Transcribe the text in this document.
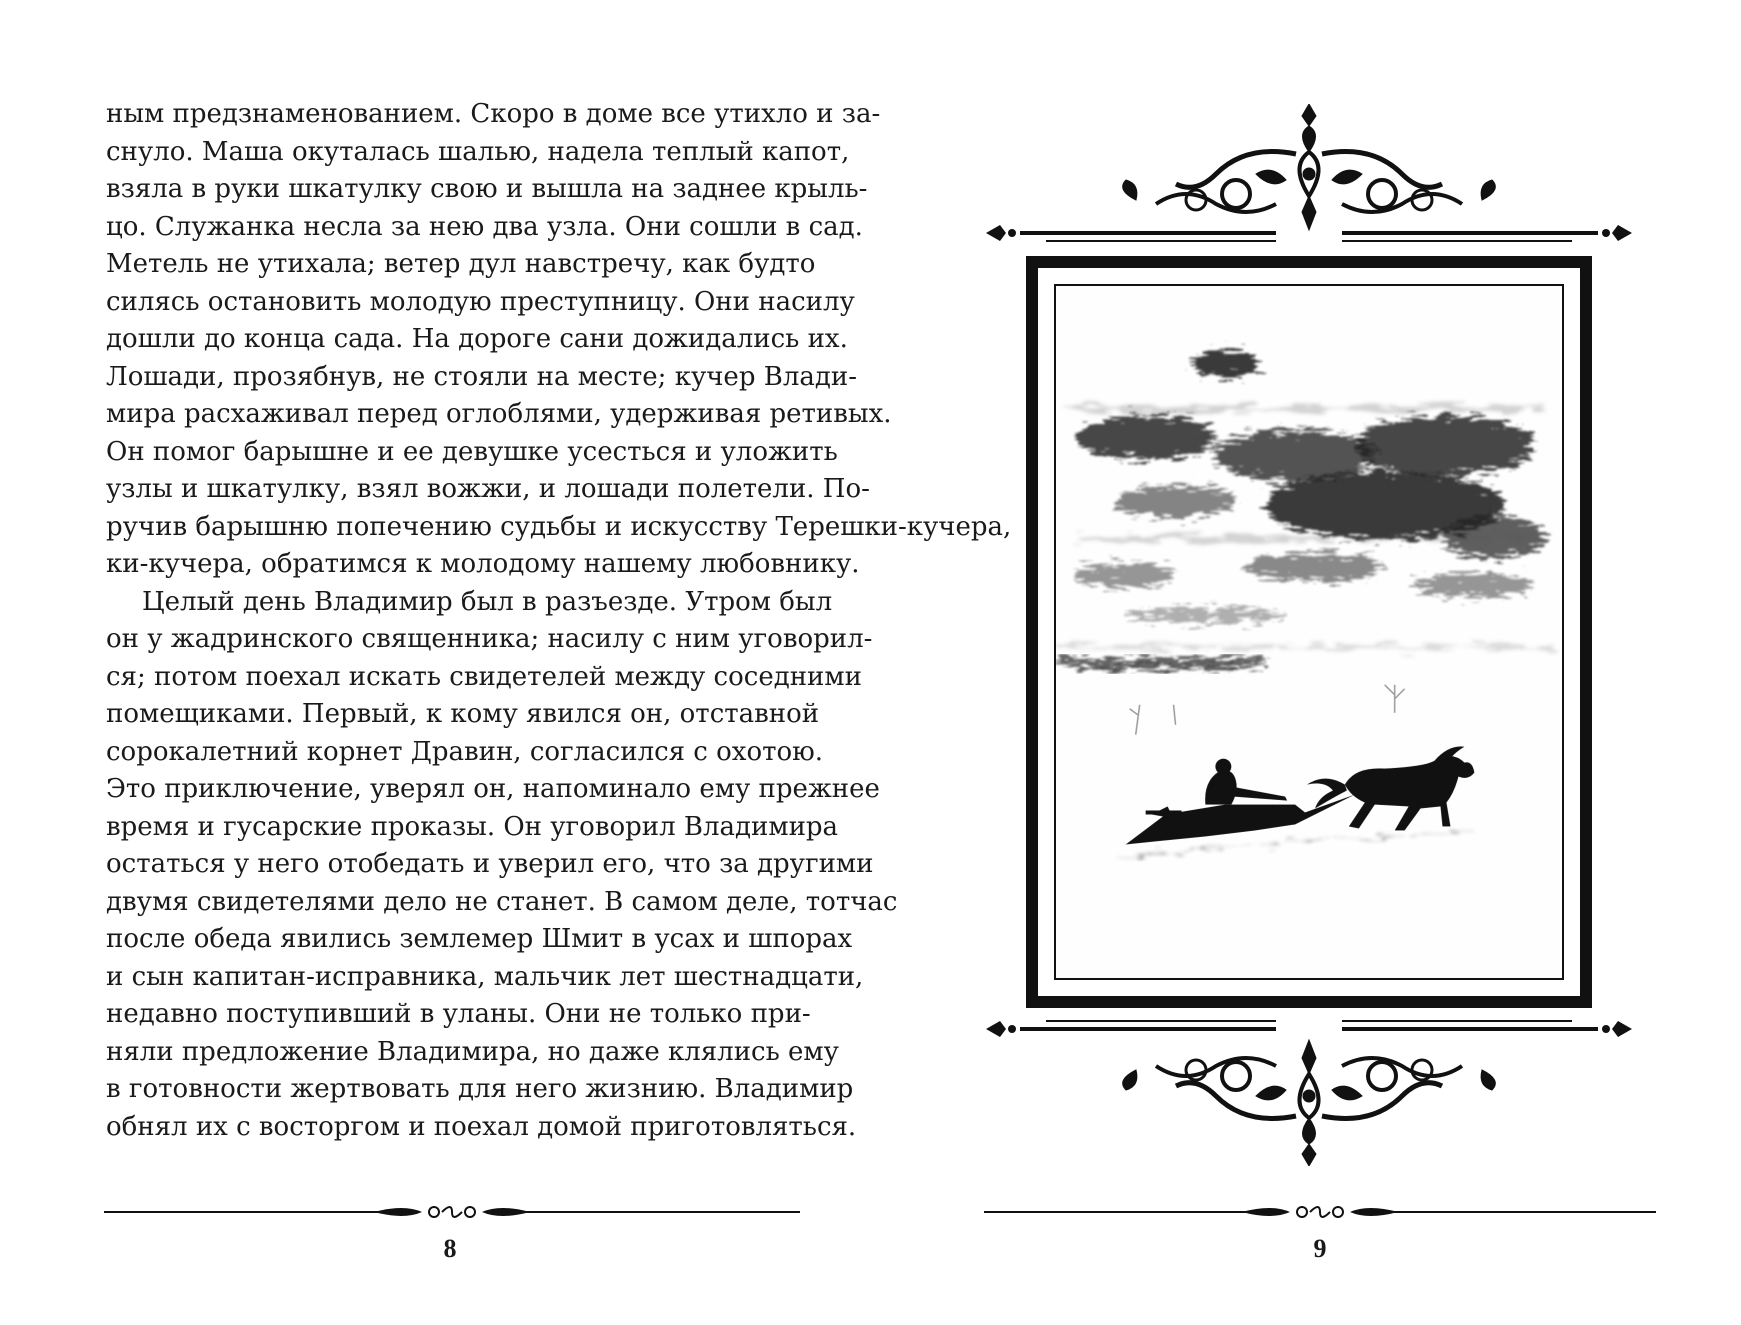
ным предзнаменованием. Скоро в доме все утихло и за-
снуло. Маша окуталась шалью, надела теплый капот,
взяла в руки шкатулку свою и вышла на заднее крыль-
цо. Служанка несла за нею два узла. Они сошли в сад.
Метель не утихала; ветер дул навстречу, как будто
силясь остановить молодую преступницу. Они насилу
дошли до конца сада. На дороге сани дожидались их.
Лошади, прозябнув, не стояли на месте; кучер Влади-
мира расхаживал перед оглоблями, удерживая ретивых.
Он помог барышне и ее девушке усесться и уложить
узлы и шкатулку, взял вожжи, и лошади полетели. По-
ручив барышню попечению судьбы и искусству Терешки-кучера,
ки-кучера, обратимся к молодому нашему любовнику.
Целый день Владимир был в разъезде. Утром был
он у жадринского священника; насилу с ним уговорил-
ся; потом поехал искать свидетелей между соседними
помещиками. Первый, к кому явился он, отставной
сорокалетний корнет Дравин, согласился с охотою.
Это приключение, уверял он, напоминало ему прежнее
время и гусарские проказы. Он уговорил Владимира
остаться у него отобедать и уверил его, что за другими
двумя свидетелями дело не станет. В самом деле, тотчас
после обеда явились землемер Шмит в усах и шпорах
и сын капитан-исправника, мальчик лет шестнадцати,
недавно поступивший в уланы. Они не только при-
няли предложение Владимира, но даже клялись ему
в готовности жертвовать для него жизнию. Владимир
обнял их с восторгом и поехал домой приготовляться.
8	9
